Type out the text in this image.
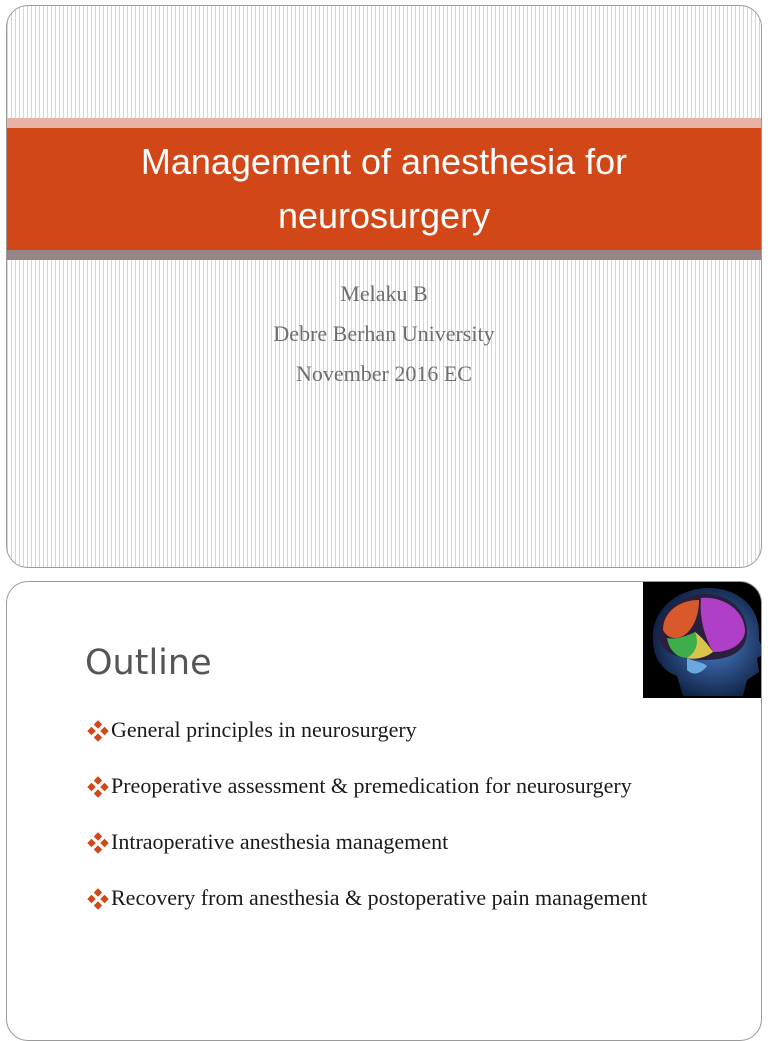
Management of anesthesia for neurosurgery
Melaku B
Debre Berhan University
November 2016 EC
Outline
General principles in neurosurgery
Preoperative assessment & premedication for neurosurgery
Intraoperative anesthesia management
Recovery from anesthesia & postoperative pain management
